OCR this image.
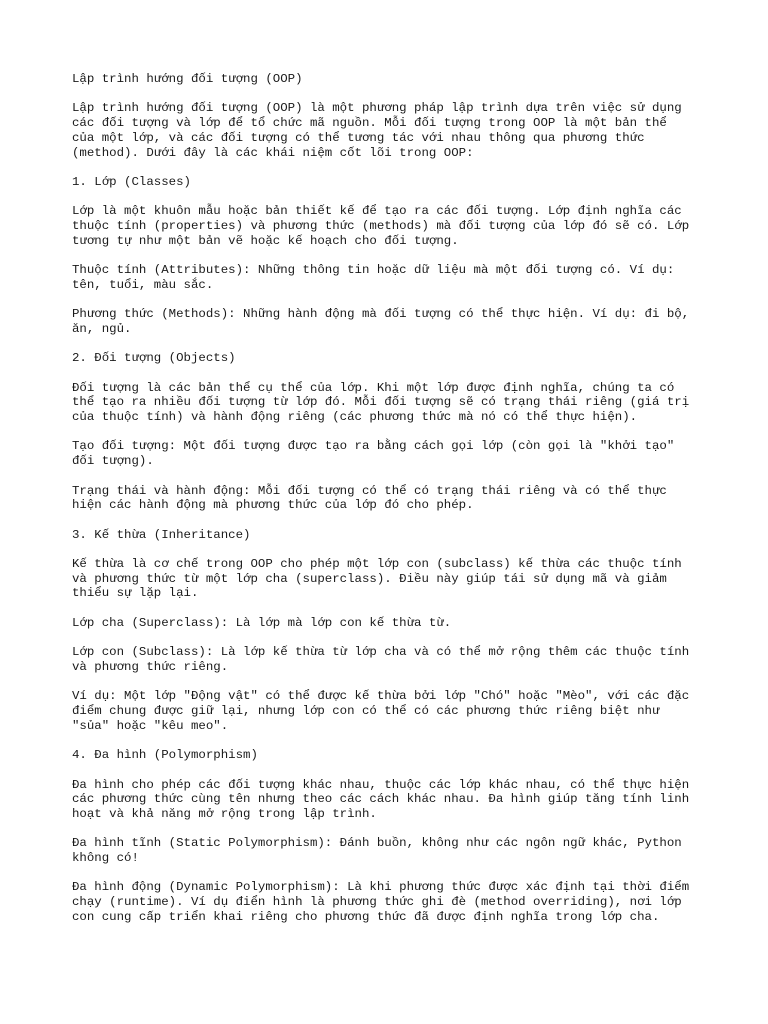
Lập trình hướng đối tượng (OOP)
Lập trình hướng đối tượng (OOP) là một phương pháp lập trình dựa trên việc sử dụng
các đối tượng và lớp để tổ chức mã nguồn. Mỗi đối tượng trong OOP là một bản thể
của một lớp, và các đối tượng có thể tương tác với nhau thông qua phương thức
(method). Dưới đây là các khái niệm cốt lõi trong OOP:
1. Lớp (Classes)
Lớp là một khuôn mẫu hoặc bản thiết kế để tạo ra các đối tượng. Lớp định nghĩa các
thuộc tính (properties) và phương thức (methods) mà đối tượng của lớp đó sẽ có. Lớp
tương tự như một bản vẽ hoặc kế hoạch cho đối tượng.
Thuộc tính (Attributes): Những thông tin hoặc dữ liệu mà một đối tượng có. Ví dụ:
tên, tuổi, màu sắc.
Phương thức (Methods): Những hành động mà đối tượng có thể thực hiện. Ví dụ: đi bộ,
ăn, ngủ.
2. Đối tượng (Objects)
Đối tượng là các bản thể cụ thể của lớp. Khi một lớp được định nghĩa, chúng ta có
thể tạo ra nhiều đối tượng từ lớp đó. Mỗi đối tượng sẽ có trạng thái riêng (giá trị
của thuộc tính) và hành động riêng (các phương thức mà nó có thể thực hiện).
Tạo đối tượng: Một đối tượng được tạo ra bằng cách gọi lớp (còn gọi là "khởi tạo"
đối tượng).
Trạng thái và hành động: Mỗi đối tượng có thể có trạng thái riêng và có thể thực
hiện các hành động mà phương thức của lớp đó cho phép.
3. Kế thừa (Inheritance)
Kế thừa là cơ chế trong OOP cho phép một lớp con (subclass) kế thừa các thuộc tính
và phương thức từ một lớp cha (superclass). Điều này giúp tái sử dụng mã và giảm
thiểu sự lặp lại.
Lớp cha (Superclass): Là lớp mà lớp con kế thừa từ.
Lớp con (Subclass): Là lớp kế thừa từ lớp cha và có thể mở rộng thêm các thuộc tính
và phương thức riêng.
Ví dụ: Một lớp "Động vật" có thể được kế thừa bởi lớp "Chó" hoặc "Mèo", với các đặc
điểm chung được giữ lại, nhưng lớp con có thể có các phương thức riêng biệt như
"sủa" hoặc "kêu meo".
4. Đa hình (Polymorphism)
Đa hình cho phép các đối tượng khác nhau, thuộc các lớp khác nhau, có thể thực hiện
các phương thức cùng tên nhưng theo các cách khác nhau. Đa hình giúp tăng tính linh
hoạt và khả năng mở rộng trong lập trình.
Đa hình tĩnh (Static Polymorphism): Đánh buồn, không như các ngôn ngữ khác, Python
không có!
Đa hình động (Dynamic Polymorphism): Là khi phương thức được xác định tại thời điểm
chạy (runtime). Ví dụ điển hình là phương thức ghi đè (method overriding), nơi lớp
con cung cấp triển khai riêng cho phương thức đã được định nghĩa trong lớp cha.
